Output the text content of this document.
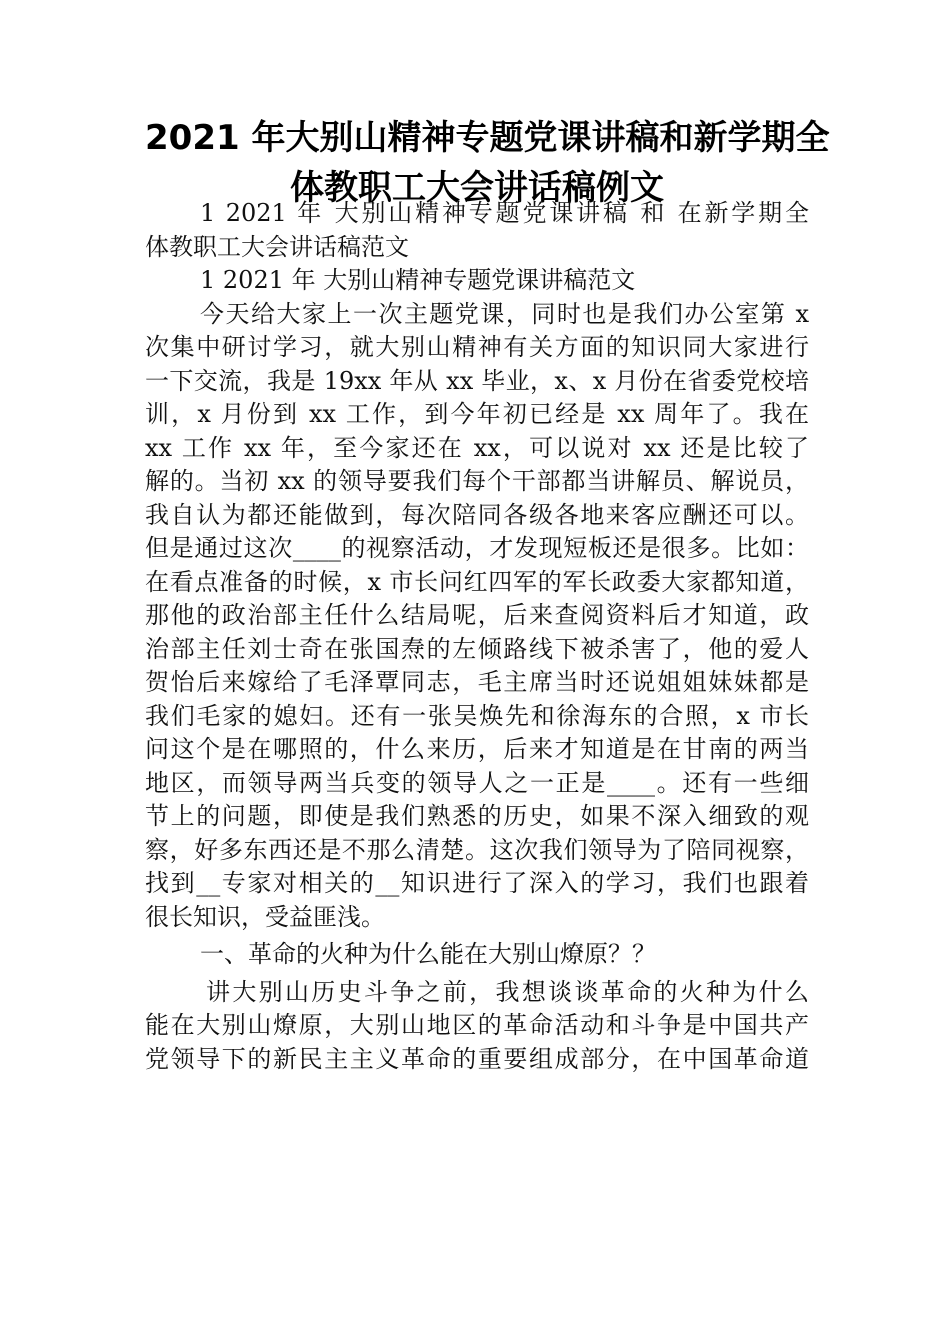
2021 年大别山精神专题党课讲稿和新学期全
体教职工大会讲话稿例文

1 2021 年 大别山精神专题党课讲稿 和 在新学期全
体教职工大会讲话稿范文

1 2021 年 大别山精神专题党课讲稿范文

今天给大家上一次主题党课，同时也是我们办公室第 x
次集中研讨学习，就大别山精神有关方面的知识同大家进行
一下交流，我是 19xx 年从 xx 毕业，x、x 月份在省委党校培
训，x 月份到 xx 工作，到今年初已经是 xx 周年了。我在
xx 工作 xx 年，至今家还在 xx，可以说对 xx 还是比较了
解的。当初 xx 的领导要我们每个干部都当讲解员、解说员，
我自认为都还能做到，每次陪同各级各地来客应酬还可以。
但是通过这次____的视察活动，才发现短板还是很多。比如：
在看点准备的时候，x 市长问红四军的军长政委大家都知道，
那他的政治部主任什么结局呢，后来查阅资料后才知道，政
治部主任刘士奇在张国焘的左倾路线下被杀害了，他的爱人
贺怡后来嫁给了毛泽覃同志，毛主席当时还说姐姐妹妹都是
我们毛家的媳妇。还有一张吴焕先和徐海东的合照，x 市长
问这个是在哪照的，什么来历，后来才知道是在甘南的两当
地区，而领导两当兵变的领导人之一正是____。还有一些细
节上的问题，即使是我们熟悉的历史，如果不深入细致的观
察，好多东西还是不那么清楚。这次我们领导为了陪同视察，
找到__专家对相关的__知识进行了深入的学习，我们也跟着
很长知识，受益匪浅。

一、革命的火种为什么能在大别山燎原？？

讲大别山历史斗争之前，我想谈谈革命的火种为什么
能在大别山燎原，大别山地区的革命活动和斗争是中国共产
党领导下的新民主主义革命的重要组成部分，在中国革命道
